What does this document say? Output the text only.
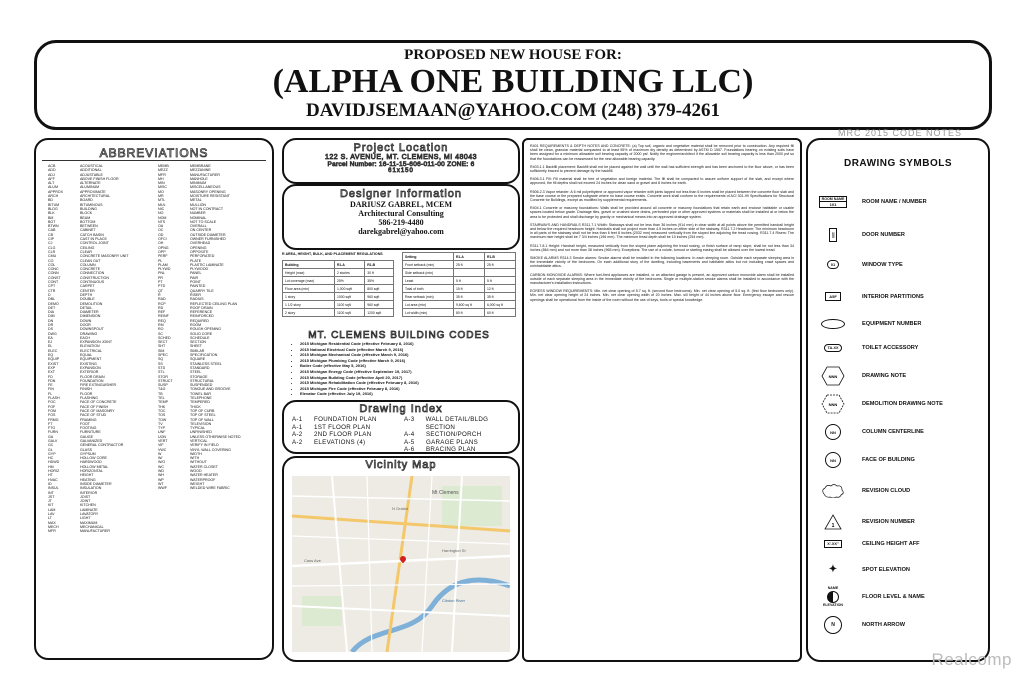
PROPOSED NEW HOUSE FOR:
(ALPHA ONE BUILDING LLC)
DAVIDJSEMAAN@YAHOO.COM (248) 379-4261
MRC 2015 CODE NOTES
ABBREVIATIONS
ACB	ACOUSTICAL
ADD	ADDITIONAL
ADJ	ADJUSTABLE
AFF	ABOVE FINISH FLOOR
ALT	ALTERNATE
ALUM	ALUMINUM
APPROX	APPROXIMATE
ARCH	ARCHITECTURAL
BD	BOARD
BITUM	BITUMINOUS
BLDG	BUILDING
BLK	BLOCK
BM	BEAM
BOT	BOTTOM
BTWN	BETWEEN
CAB	CABINET
CB	CATCH BASIN
CIP	CAST IN PLACE
CJ	CONTROL JOINT
CLG	CEILING
CLR	CLEAR
CMU	CONCRETE MASONRY UNIT
CO	CLEAN OUT
COL	COLUMN
CONC	CONCRETE
CONN	CONNECTION
CONST	CONSTRUCTION
CONT	CONTINUOUS
CPT	CARPET
CTR	CENTER
D	DEPTH
DBL	DOUBLE
DEMO	DEMOLITION
DET	DETAIL
DIA	DIAMETER
DIM	DIMENSION
DN	DOWN
DR	DOOR
DS	DOWNSPOUT
DWG	DRAWING
EA	EACH
EJ	EXPANSION JOINT
EL	ELEVATION
ELEC	ELECTRICAL
EQ	EQUAL
EQUIP	EQUIPMENT
EXIST	EXISTING
EXP	EXPANSION
EXT	EXTERIOR
FD	FLOOR DRAIN
FDN	FOUNDATION
FE	FIRE EXTINGUISHER
FIN	FINISH
FL	FLOOR
FLASH	FLASHING
FOC	FACE OF CONCRETE
FOF	FACE OF FINISH
FOM	FACE OF MASONRY
FOS	FACE OF STUD
FRMG	FRAMING
FT	FOOT
FTG	FOOTING
FURN	FURNITURE
GA	GAUGE
GALV	GALVANIZED
GC	GENERAL CONTRACTOR
GL	GLASS
GYP	GYPSUM
HC	HOLLOW CORE
HDWD	HARDWOOD
HM	HOLLOW METAL
HORIZ	HORIZONTAL
HT	HEIGHT
HVAC	HEATING
ID	INSIDE DIAMETER
INSUL	INSULATION
INT	INTERIOR
JST	JOIST
JT	JOINT
KIT	KITCHEN
LAM	LAMINATE
LAV	LAVATORY
LT	LIGHT
MAX	MAXIMUM
MECH	MECHANICAL
MFR	MANUFACTURER
MEMB	MEMBRANE
MEZZ	MEZZANINE
MFR	MANUFACTURER
MH	MANHOLE
MIN	MINIMUM
MISC	MISCELLANEOUS
MO	MASONRY OPENING
MR	MOISTURE RESISTANT
MTL	METAL
MUL	MULLION
NIC	NOT IN CONTRACT
NO	NUMBER
NOM	NOMINAL
NTS	NOT TO SCALE
OA	OVERALL
OC	ON CENTER
OD	OUTSIDE DIAMETER
OFCI	OWNER FURNISHED
OH	OVERHEAD
OPNG	OPENING
OPP	OPPOSITE
PERF	PERFORATED
PL	PLATE
PLAM	PLASTIC LAMINATE
PLYWD	PLYWOOD
PNL	PANEL
PR	PAIR
PT	POINT
PTD	PAINTED
QT	QUARRY TILE
R	RISER
RAD	RADIUS
RCP	REFLECTED CEILING PLAN
RD	ROOF DRAIN
REF	REFERENCE
REINF	REINFORCED
REQ	REQUIRED
RM	ROOM
RO	ROUGH OPENING
SC	SOLID CORE
SCHED	SCHEDULE
SECT	SECTION
SHT	SHEET
SIM	SIMILAR
SPEC	SPECIFICATION
SQ	SQUARE
SS	STAINLESS STEEL
STD	STANDARD
STL	STEEL
STOR	STORAGE
STRUCT	STRUCTURAL
SUSP	SUSPENDED
T&G	TONGUE AND GROOVE
TB	TOWEL BAR
TEL	TELEPHONE
TEMP	TEMPERED
THK	THICK
TOC	TOP OF CURB
TOS	TOP OF STEEL
TOW	TOP OF WALL
TV	TELEVISION
TYP	TYPICAL
UNF	UNFINISHED
UON	UNLESS OTHERWISE NOTED
VERT	VERTICAL
VIF	VERIFY IN FIELD
VWC	VINYL WALL COVERING
W	WIDTH
W/	WITH
W/O	WITHOUT
WC	WATER CLOSET
WD	WOOD
WH	WATER HEATER
WP	WATERPROOF
WT	WEIGHT
WWF	WELDED WIRE FABRIC
Project Location
122 S. AVENUE, MT. CLEMENS, MI 48043
Parcel Number: 16-11-15-606-011-00 ZONE: 6
61x150
Designer Information
DARIUSZ GABREL, MCEM
Architectural Consulting
586-219-4480
darekgabrel@yahoo.com
R AREA, HEIGHT, BULK, AND PLACEMENT REGULATIONS
Building	R1-A	R1-B
Height (max)	2 stories	30 ft
Lot coverage (max)	25%	35%
Floor area (min)	1,000 sqft	800 sqft
1 story	1000 sqft	960 sqft
1 1/2 story	1100 sqft	960 sqft
2 story	1100 sqft	1200 sqft
Setting	R1-A	R1-B
Front setback (min)	25 ft	25 ft
Side setback (min)		
Least	5 ft	5 ft
Total of both	15 ft	12 ft
Rear setback (min)	35 ft	35 ft
Lot area (min)	9,600 sq ft	6,000 sq ft
Lot width (min)	80 ft	60 ft
MT. CLEMENS BUILDING CODES
• 2015 Michigan Residential Code (effective February 8, 2016)
• 2015 National Electrical Code (effective March 9, 2016)
• 2015 Michigan Mechanical Code (effective March 9, 2016)
• 2015 Michigan Plumbing Code (effective March 9, 2016)
• Boiler Code (effective May 5, 2016)
• 2015 Michigan Energy Code (effective September 19, 2017)
• 2015 Michigan Building Code (effective April 20, 2017)
• 2015 Michigan Rehabilitation Code (effective February 8, 2016)
• 2015 Michigan Fire Code (effective February 8, 2016)
• Elevator Code (effective July 19, 2016)
Drawing Index
A-1	FOUNDATION PLAN
A-1	1ST FLOOR PLAN
A-2	2ND FLOOR PLAN
A-2	ELEVATIONS (4)
A-3	WALL DETAIL/BLDG SECTION
A-4	SECTION/PORCH
A-5	GARAGE PLANS
A-6	BRACING PLAN
Vicinity Map
Mt Clemens
Cass Ave
N Gratiot
Harrington St
Clinton River
R401 REQUIREMENTS & DEPTH NOTES AND CONCRETE: (a) Top soil, organic and vegetative material shall be removed prior to construction. Any required fill shall be clean, granular material compacted to at least 95% of maximum dry density as determined by ASTM D 1557. Foundations bearing on existing soils have been assigned for a minimum allowable soil bearing capacity of 2000 psf. Notify the engineer/architect if the allowable soil bearing capacity is less than 2000 psf so that the foundations can be reassessed for the new allowable bearing capacity.
R403.1.1 Backfill placement: Backfill shall not be placed against the wall until the wall has sufficient strength and has been anchored to the floor above, or has been sufficiently braced to prevent damage by the backfill.
R406.3.1 Fill: Fill material shall be free of vegetation and foreign material. The fill shall be compacted to assure uniform support of the slab, and except where approved, the fill depths shall not exceed 24 inches for clean sand or gravel and 8 inches for earth.
R506.2.3 Vapor retarder: A 6 mil polyethylene or approved vapor retarder with joints lapped not less than 6 inches shall be placed between the concrete floor slab and the base course or the prepared subgrade where no base course exists. Concrete work shall conform to the requirements of ACI 301-99 Specifications for Structural Concrete for Buildings, except as modified by supplemental requirements.
R404.1 Concrete or masonry foundations: Walls shall be provided around all concrete or masonry foundations that retain earth and enclose habitable or usable spaces located below grade. Drainage tiles, gravel or crushed stone drains, perforated pipe or other approved systems or materials shall be installed at or below the area to be protected and shall discharge by gravity or mechanical means into an approved drainage system.
STAIRWAYS AND HANDRAILS R311.7.1 Width: Stairways shall not be less than 36 inches (914 mm) in clear width at all points above the permitted handrail height and below the required headroom height. Handrails shall not project more than 4.5 inches on either side of the stairway. R311.7.2 Headroom: The minimum headroom in all parts of the stairway shall not be less than 6 feet 8 inches (2032 mm) measured vertically from the sloped line adjoining the tread nosing. R311.7.4 Risers: The maximum riser height shall be 7 3/4 inches (196 mm). The minimum tread depth shall be 10 inches (254 mm).
R311.7.8.1 Height: Handrail height, measured vertically from the sloped plane adjoining the tread nosing, or finish surface of ramp slope, shall be not less than 34 inches (864 mm) and not more than 38 inches (965 mm). Exceptions: The use of a volute, turnout or starting easing shall be allowed over the lowest tread.
SMOKE ALARMS R314.3 Smoke alarms: Smoke alarms shall be installed in the following locations: In each sleeping room. Outside each separate sleeping area in the immediate vicinity of the bedrooms. On each additional story of the dwelling, including basements and habitable attics but not including crawl spaces and uninhabitable attics.
CARBON MONOXIDE ALARMS: Where fuel-fired appliances are installed, or an attached garage is present, an approved carbon monoxide alarm shall be installed outside of each separate sleeping area in the immediate vicinity of the bedrooms. Single or multiple-station smoke alarms shall be installed in accordance with the manufacturer's installation instructions.
EGRESS WINDOW REQUIREMENTS: Min. net clear opening of 5.7 sq. ft. (second floor bedrooms). Min. net clear opening of 5.0 sq. ft. (first floor bedrooms only). Min. net clear opening height of 24 inches. Min. net clear opening width of 20 inches. Max. sill height of 44 inches above floor. Emergency escape and rescue openings shall be operational from the inside of the room without the use of keys, tools or special knowledge.
DRAWING SYMBOLS
ROOM NAME
101	ROOM NAME / NUMBER
100	DOOR NUMBER
01	WINDOW TYPE
A5F	INTERIOR PARTITIONS
EQUIPMENT NUMBER
TA-XX	TOILET ACCESSORY
NNN	DRAWING NOTE
NNN	DEMOLITION DRAWING NOTE
NN	COLUMN CENTERLINE
NN	FACE OF BUILDING
REVISION CLOUD
1
REVISION NUMBER
X'-XX"	CEILING HEIGHT AFF
✦	SPOT ELEVATION
NAME
ELEVATION
FLOOR LEVEL & NAME
N	NORTH ARROW
Realcomp
